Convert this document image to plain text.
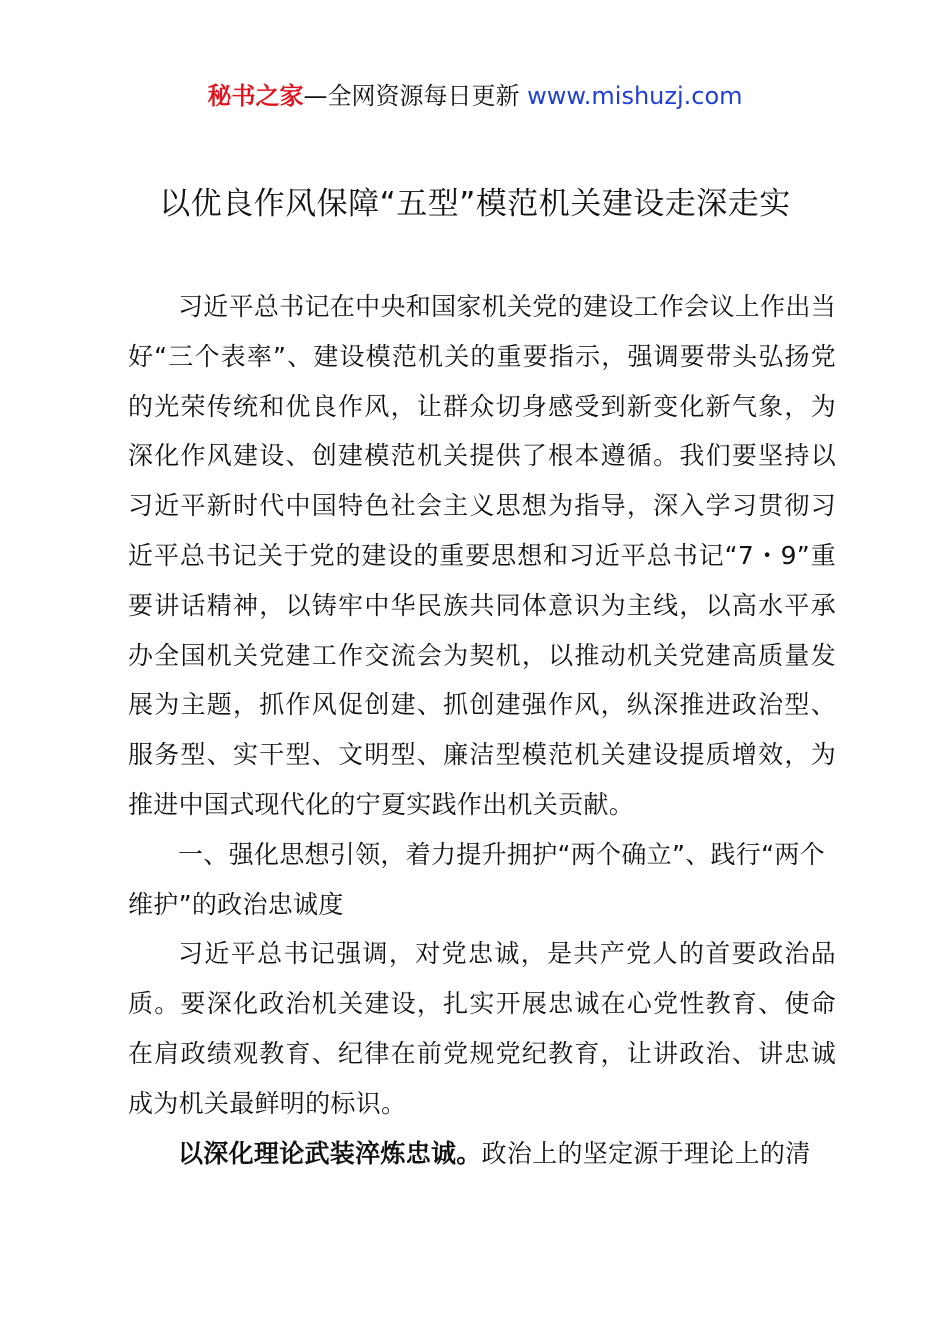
秘书之家—全网资源每日更新 www.mishuzj.com
以优良作风保障“五型”模范机关建设走深走实

习近平总书记在中央和国家机关党的建设工作会议上作出当好“三个表率”、建设模范机关的重要指示，强调要带头弘扬党的光荣传统和优良作风，让群众切身感受到新变化新气象，为深化作风建设、创建模范机关提供了根本遵循。我们要坚持以习近平新时代中国特色社会主义思想为指导，深入学习贯彻习近平总书记关于党的建设的重要思想和习近平总书记“7・9”重要讲话精神，以铸牢中华民族共同体意识为主线，以高水平承办全国机关党建工作交流会为契机，以推动机关党建高质量发展为主题，抓作风促创建、抓创建强作风，纵深推进政治型、服务型、实干型、文明型、廉洁型模范机关建设提质增效，为推进中国式现代化的宁夏实践作出机关贡献。

一、强化思想引领，着力提升拥护“两个确立”、践行“两个维护”的政治忠诚度

习近平总书记强调，对党忠诚，是共产党人的首要政治品质。要深化政治机关建设，扎实开展忠诚在心党性教育、使命在肩政绩观教育、纪律在前党规党纪教育，让讲政治、讲忠诚成为机关最鲜明的标识。

以深化理论武装淬炼忠诚。政治上的坚定源于理论上的清
